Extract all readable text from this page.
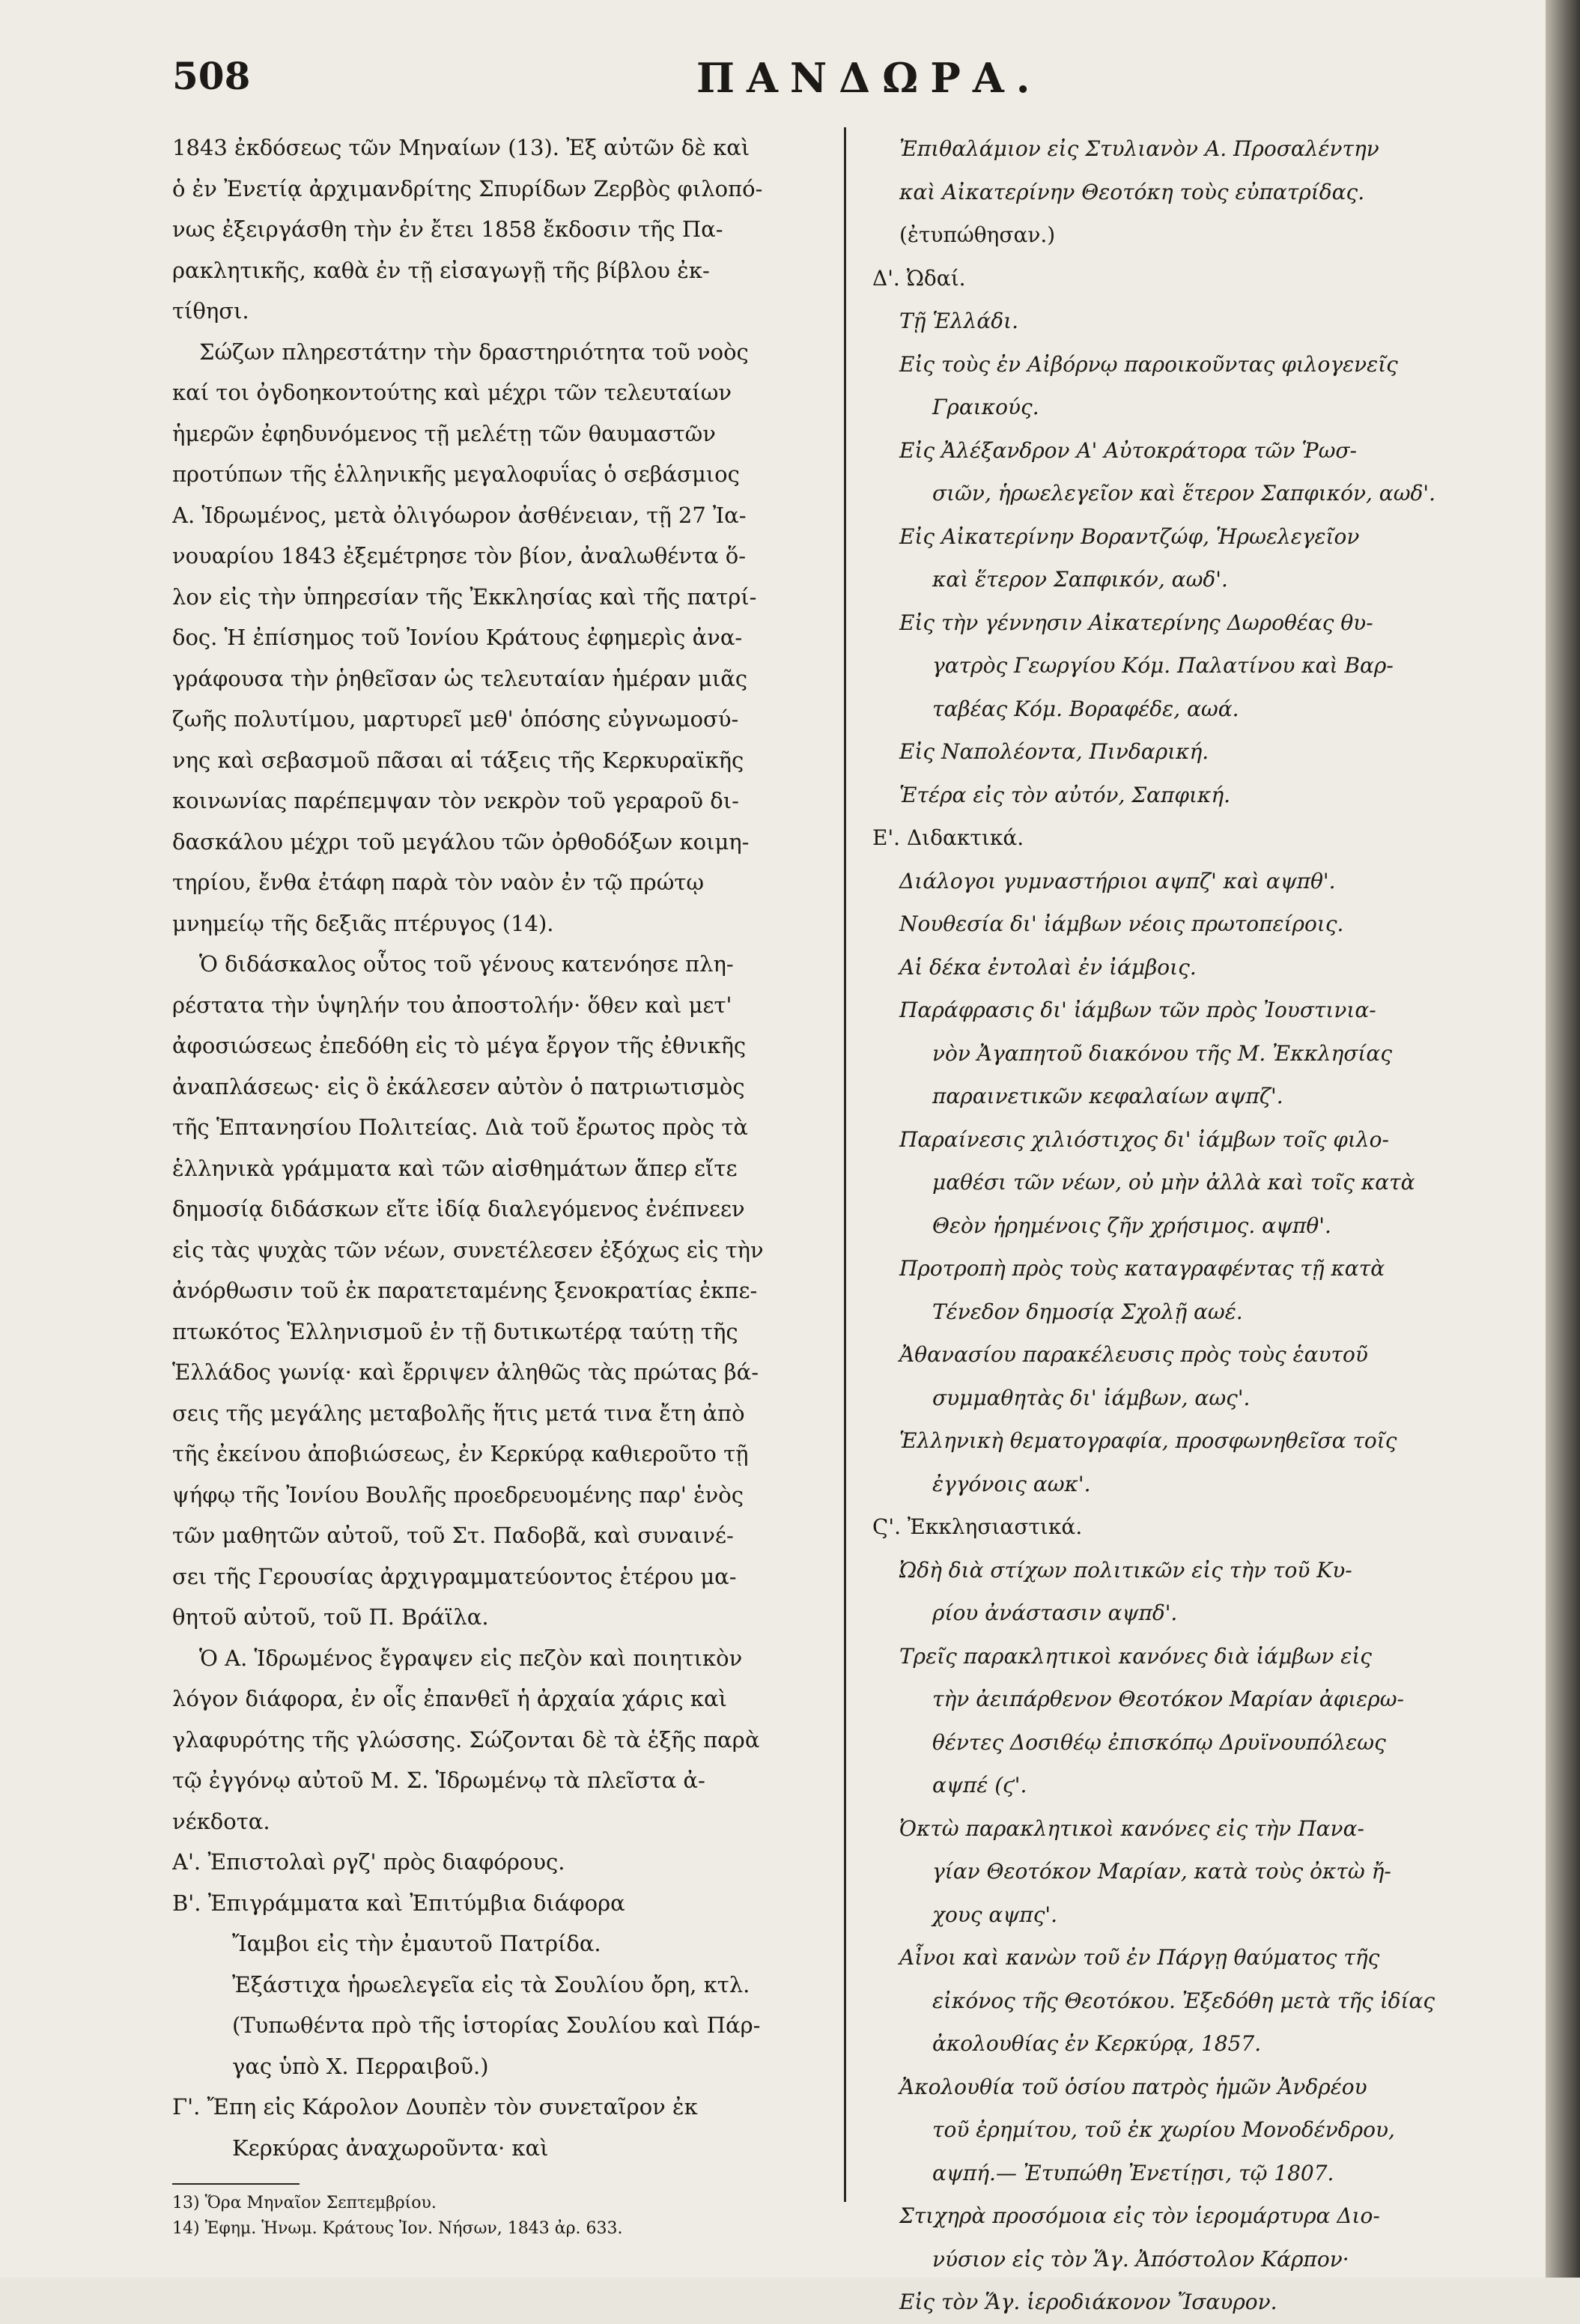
508	ΠΑΝΔΩΡΑ.
1843 ἐκδόσεως τῶν Μηναίων (13). Ἐξ αὐτῶν δὲ καὶ
ὁ ἐν Ἐνετίᾳ ἀρχιμανδρίτης Σπυρίδων Ζερβὸς φιλοπό-
νως ἐξειργάσθη τὴν ἐν ἔτει 1858 ἔκδοσιν τῆς Πα-
ρακλητικῆς, καθὰ ἐν τῇ εἰσαγωγῇ τῆς βίβλου ἐκ-
τίθησι.
Σώζων πληρεστάτην τὴν δραστηριότητα τοῦ νοὸς
καί τοι ὀγδοηκοντούτης καὶ μέχρι τῶν τελευταίων
ἡμερῶν ἐφηδυνόμενος τῇ μελέτῃ τῶν θαυμαστῶν
προτύπων τῆς ἑλληνικῆς μεγαλοφυΐας ὁ σεβάσμιος
Α. Ἱδρωμένος, μετὰ ὀλιγόωρον ἀσθένειαν, τῇ 27 Ἰα-
νουαρίου 1843 ἐξεμέτρησε τὸν βίον, ἀναλωθέντα ὅ-
λον εἰς τὴν ὑπηρεσίαν τῆς Ἐκκλησίας καὶ τῆς πατρί-
δος. Ἡ ἐπίσημος τοῦ Ἰονίου Κράτους ἐφημερὶς ἀνα-
γράφουσα τὴν ῥηθεῖσαν ὡς τελευταίαν ἡμέραν μιᾶς
ζωῆς πολυτίμου, μαρτυρεῖ μεθ' ὁπόσης εὐγνωμοσύ-
νης καὶ σεβασμοῦ πᾶσαι αἱ τάξεις τῆς Κερκυραϊκῆς
κοινωνίας παρέπεμψαν τὸν νεκρὸν τοῦ γεραροῦ δι-
δασκάλου μέχρι τοῦ μεγάλου τῶν ὀρθοδόξων κοιμη-
τηρίου, ἔνθα ἐτάφη παρὰ τὸν ναὸν ἐν τῷ πρώτῳ
μνημείῳ τῆς δεξιᾶς πτέρυγος (14).
Ὁ διδάσκαλος οὗτος τοῦ γένους κατενόησε πλη-
ρέστατα τὴν ὑψηλήν του ἀποστολήν· ὅθεν καὶ μετ'
ἀφοσιώσεως ἐπεδόθη εἰς τὸ μέγα ἔργον τῆς ἐθνικῆς
ἀναπλάσεως· εἰς ὃ ἐκάλεσεν αὐτὸν ὁ πατριωτισμὸς
τῆς Ἑπτανησίου Πολιτείας. Διὰ τοῦ ἔρωτος πρὸς τὰ
ἑλληνικὰ γράμματα καὶ τῶν αἰσθημάτων ἅπερ εἴτε
δημοσίᾳ διδάσκων εἴτε ἰδίᾳ διαλεγόμενος ἐνέπνεεν
εἰς τὰς ψυχὰς τῶν νέων, συνετέλεσεν ἐξόχως εἰς τὴν
ἀνόρθωσιν τοῦ ἐκ παρατεταμένης ξενοκρατίας ἐκπε-
πτωκότος Ἑλληνισμοῦ ἐν τῇ δυτικωτέρᾳ ταύτῃ τῆς
Ἑλλάδος γωνίᾳ· καὶ ἔρριψεν ἀληθῶς τὰς πρώτας βά-
σεις τῆς μεγάλης μεταβολῆς ἥτις μετά τινα ἔτη ἀπὸ
τῆς ἐκείνου ἀποβιώσεως, ἐν Κερκύρᾳ καθιεροῦτο τῇ
ψήφῳ τῆς Ἰονίου Βουλῆς προεδρευομένης παρ' ἑνὸς
τῶν μαθητῶν αὐτοῦ, τοῦ Στ. Παδοβᾶ, καὶ συναινέ-
σει τῆς Γερουσίας ἀρχιγραμματεύοντος ἑτέρου μα-
θητοῦ αὐτοῦ, τοῦ Π. Βράϊλα.
Ὁ Α. Ἱδρωμένος ἔγραψεν εἰς πεζὸν καὶ ποιητικὸν
λόγον διάφορα, ἐν οἷς ἐπανθεῖ ἡ ἀρχαία χάρις καὶ
γλαφυρότης τῆς γλώσσης. Σώζονται δὲ τὰ ἑξῆς παρὰ
τῷ ἐγγόνῳ αὐτοῦ Μ. Σ. Ἱδρωμένῳ τὰ πλεῖστα ἀ-
νέκδοτα.
Α'. Ἐπιστολαὶ ργζ' πρὸς διαφόρους.
Β'. Ἐπιγράμματα καὶ Ἐπιτύμβια διάφορα
Ἴαμβοι εἰς τὴν ἐμαυτοῦ Πατρίδα.
Ἐξάστιχα ἡρωελεγεῖα εἰς τὰ Σουλίου ὄρη, κτλ.
(Τυπωθέντα πρὸ τῆς ἱστορίας Σουλίου καὶ Πάρ-
γας ὑπὸ Χ. Περραιβοῦ.)
Γ'. Ἔπη εἰς Κάρολον Δουπὲν τὸν συνεταῖρον ἐκ
Κερκύρας ἀναχωροῦντα· καὶ
Ἐπιθαλάμιον εἰς Στυλιανὸν Α. Προσαλέντην
καὶ Αἰκατερίνην Θεοτόκη τοὺς εὐπατρίδας.
(ἐτυπώθησαν.)
Δ'. Ὠδαί.
Τῇ Ἑλλάδι.
Εἰς τοὺς ἐν Αἰβόρνῳ παροικοῦντας φιλογενεῖς
Γραικούς.
Εἰς Ἀλέξανδρον Α' Αὐτοκράτορα τῶν Ῥωσ-
σιῶν, ἡρωελεγεῖον καὶ ἕτερον Σαπφικόν, αωδ'.
Εἰς Αἰκατερίνην Βοραντζώφ, Ἡρωελεγεῖον
καὶ ἕτερον Σαπφικόν, αωδ'.
Εἰς τὴν γέννησιν Αἰκατερίνης Δωροθέας θυ-
γατρὸς Γεωργίου Κόμ. Παλατίνου καὶ Βαρ-
ταβέας Κόμ. Βοραφέδε, αωά.
Εἰς Ναπολέοντα, Πινδαρική.
Ἑτέρα εἰς τὸν αὐτόν, Σαπφική.
Ε'. Διδακτικά.
Διάλογοι γυμναστήριοι αψπζ' καὶ αψπθ'.
Νουθεσία δι' ἰάμβων νέοις πρωτοπείροις.
Αἱ δέκα ἐντολαὶ ἐν ἰάμβοις.
Παράφρασις δι' ἰάμβων τῶν πρὸς Ἰουστινια-
νὸν Ἀγαπητοῦ διακόνου τῆς Μ. Ἐκκλησίας
παραινετικῶν κεφαλαίων αψπζ'.
Παραίνεσις χιλιόστιχος δι' ἰάμβων τοῖς φιλο-
μαθέσι τῶν νέων, οὐ μὴν ἀλλὰ καὶ τοῖς κατὰ
Θεὸν ἡρημένοις ζῆν χρήσιμος. αψπθ'.
Προτροπὴ πρὸς τοὺς καταγραφέντας τῇ κατὰ
Τένεδον δημοσίᾳ Σχολῇ αωέ.
Ἀθανασίου παρακέλευσις πρὸς τοὺς ἑαυτοῦ
συμμαθητὰς δι' ἰάμβων, αως'.
Ἑλληνικὴ θεματογραφία, προσφωνηθεῖσα τοῖς
ἐγγόνοις αωκ'.
Ϛ'. Ἐκκλησιαστικά.
Ὠδὴ διὰ στίχων πολιτικῶν εἰς τὴν τοῦ Κυ-
ρίου ἀνάστασιν αψπδ'.
Τρεῖς παρακλητικοὶ κανόνες διὰ ἰάμβων εἰς
τὴν ἀειπάρθενον Θεοτόκον Μαρίαν ἀφιερω-
θέντες Δοσιθέῳ ἐπισκόπῳ Δρυϊνουπόλεως
αψπέ (ϛ'.
Ὀκτὼ παρακλητικοὶ κανόνες εἰς τὴν Πανα-
γίαν Θεοτόκον Μαρίαν, κατὰ τοὺς ὀκτὼ ἤ-
χους αψπς'.
Αἶνοι καὶ κανὼν τοῦ ἐν Πάργῃ θαύματος τῆς
εἰκόνος τῆς Θεοτόκου. Ἐξεδόθη μετὰ τῆς ἰδίας
ἀκολουθίας ἐν Κερκύρᾳ, 1857.
Ἀκολουθία τοῦ ὁσίου πατρὸς ἡμῶν Ἀνδρέου
τοῦ ἐρημίτου, τοῦ ἐκ χωρίου Μονοδένδρου,
αψπή.— Ἐτυπώθη Ἐνετίῃσι, τῷ 1807.
Στιχηρὰ προσόμοια εἰς τὸν ἱερομάρτυρα Διο-
νύσιον εἰς τὸν Ἅγ. Ἀπόστολον Κάρπον·
Εἰς τὸν Ἅγ. ἱεροδιάκονον Ἴσαυρον.
13) Ὅρα Μηναῖον Σεπτεμβρίου.
14) Ἐφημ. Ἡνωμ. Κράτους Ἰον. Νήσων, 1843 ἀρ. 633.
